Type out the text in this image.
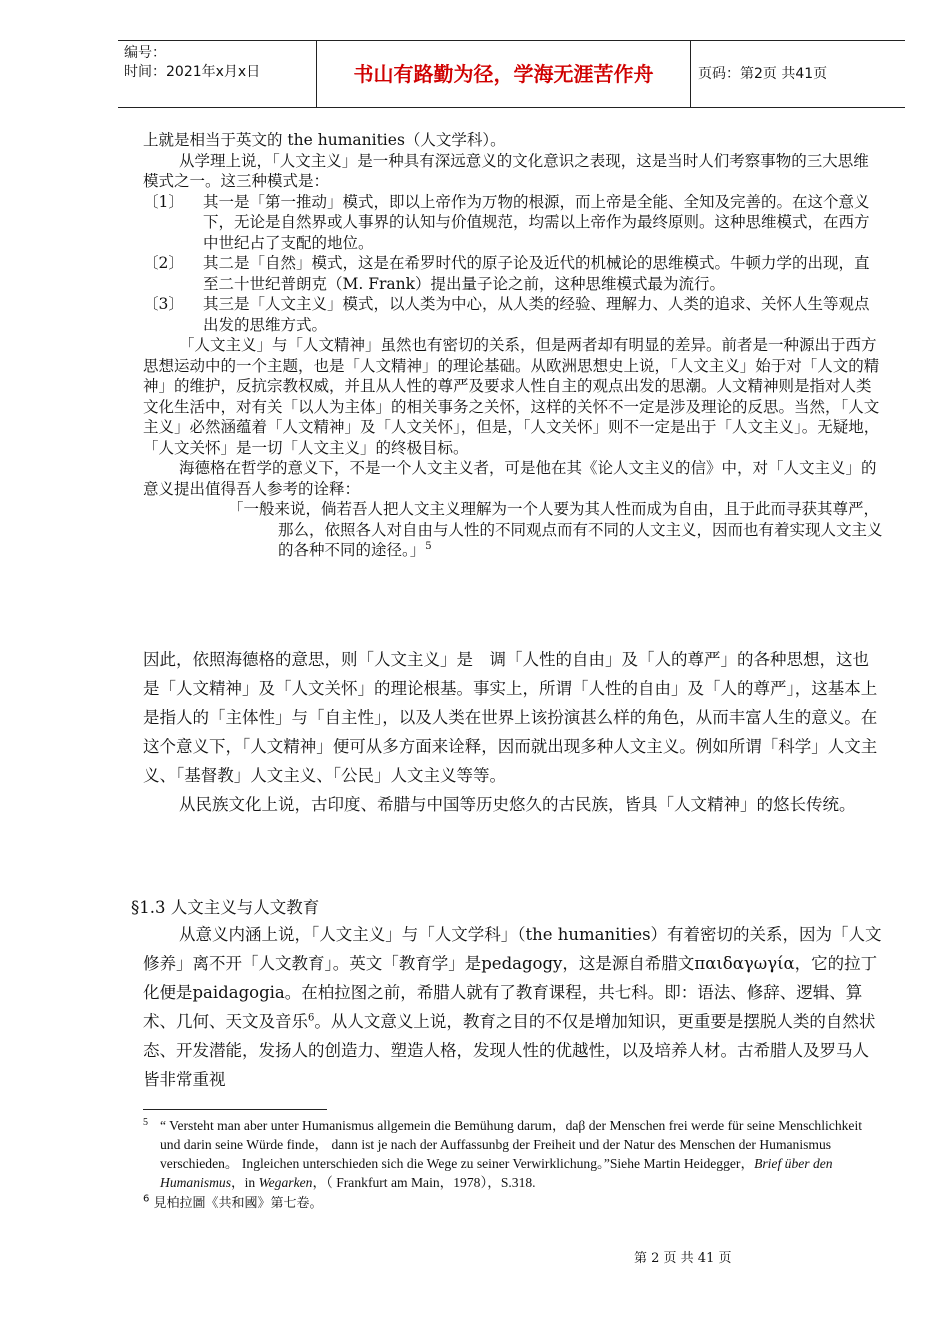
编号：
时间：2021年x月x日	书山有路勤为径，学海无涯苦作舟	页码：第2页 共41页
上就是相当于英文的 the humanities（人文学科）。
从学理上说，「人文主义」是一种具有深远意义的文化意识之表现，这是当时人们考察事物的三大思维模式之一。这三种模式是：
〔1〕 其一是「第一推动」模式，即以上帝作为万物的根源，而上帝是全能、全知及完善的。在这个意义下，无论是自然界或人事界的认知与价值规范，均需以上帝作为最终原则。这种思维模式，在西方中世纪占了支配的地位。
〔2〕 其二是「自然」模式，这是在希罗时代的原子论及近代的机械论的思维模式。牛顿力学的出现，直至二十世纪普朗克（M. Frank）提出量子论之前，这种思维模式最为流行。
〔3〕 其三是「人文主义」模式，以人类为中心，从人类的经验、理解力、人类的追求、关怀人生等观点出发的思维方式。
「人文主义」与「人文精神」虽然也有密切的关系，但是两者却有明显的差异。前者是一种源出于西方思想运动中的一个主题，也是「人文精神」的理论基础。从欧洲思想史上说，「人文主义」始于对「人文的精神」的维护，反抗宗教权威，并且从人性的尊严及要求人性自主的观点出发的思潮。人文精神则是指对人类文化生活中，对有关「以人为主体」的相关事务之关怀，这样的关怀不一定是涉及理论的反思。当然，「人文主义」必然涵蕴着「人文精神」及「人文关怀」，但是，「人文关怀」则不一定是出于「人文主义」。无疑地，「人文关怀」是一切「人文主义」的终极目标。
海德格在哲学的意义下，不是一个人文主义者，可是他在其《论人文主义的信》中，对「人文主义」的意义提出值得吾人参考的诠释：
「一般来说，倘若吾人把人文主义理解为一个人要为其人性而成为自由，且于此而寻获其尊严，那么，依照各人对自由与人性的不同观点而有不同的人文主义，因而也有着实现人文主义的各种不同的途径。」$^5$
因此，依照海德格的意思，则「人文主义」是　调「人性的自由」及「人的尊严」的各种思想，这也是「人文精神」及「人文关怀」的理论根基。事实上，所谓「人性的自由」及「人的尊严」，这基本上是指人的「主体性」与「自主性」，以及人类在世界上该扮演甚么样的角色，从而丰富人生的意义。在这个意义下，「人文精神」便可从多方面来诠释，因而就出现多种人文主义。例如所谓「科学」人文主义、「基督教」人文主义、「公民」人文主义等等。
从民族文化上说，古印度、希腊与中国等历史悠久的古民族，皆具「人文精神」的悠长传统。
§1.3 人文主义与人文教育
从意义内涵上说，「人文主义」与「人文学科」（the humanities）有着密切的关系，因为「人文修养」离不开「人文教育」。英文「教育学」是pedagogy，这是源自希腊文παιδαγωγία，它的拉丁化便是paidagogia。在柏拉图之前，希腊人就有了教育课程，共七科。即：语法、修辞、逻辑、算术、几何、天文及音乐$^6$。从人文意义上说，教育之目的不仅是增加知识，更重要是摆脱人类的自然状态、开发潜能，发扬人的创造力、塑造人格，发现人性的优越性，以及培养人材。古希腊人及罗马人皆非常重视
5 “ Versteht man aber unter Humanismus allgemein die Bemühung darum，daβ der Menschen frei werde für seine Menschlichkeit und darin seine Würde finde， dann ist je nach der Auffassunbg der Freiheit und der Natur des Menschen der Humanismus verschieden。 Ingleichen unterschieden sich die Wege zu seiner Verwirklichung。”Siehe Martin Heidegger，Brief über den Humanismus，in Wegarken，（ Frankfurt am Main，1978），S.318.
$^6$ 見柏拉圖《共和國》第七卷。
第 2 页 共 41 页
